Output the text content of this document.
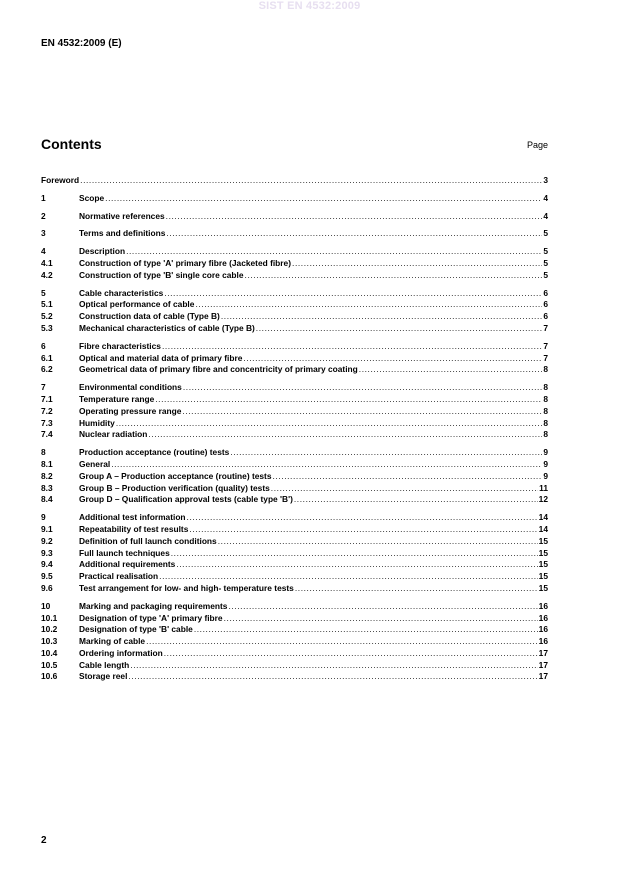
SIST EN 4532:2009
EN 4532:2009 (E)
Contents	Page
Foreword .....	3
1	Scope .....	4
2	Normative references .....	4
3	Terms and definitions .....	5
4	Description .....	5
4.1	Construction of type 'A' primary fibre (Jacketed fibre) .....	5
4.2	Construction of type 'B' single core cable .....	5
5	Cable characteristics .....	6
5.1	Optical performance of cable .....	6
5.2	Construction data of cable (Type B) .....	6
5.3	Mechanical characteristics of cable (Type B) .....	7
6	Fibre characteristics .....	7
6.1	Optical and material data of primary fibre .....	7
6.2	Geometrical data of primary fibre and concentricity of primary coating .....	8
7	Environmental conditions .....	8
7.1	Temperature range .....	8
7.2	Operating pressure range .....	8
7.3	Humidity .....	8
7.4	Nuclear radiation .....	8
8	Production acceptance (routine) tests .....	9
8.1	General .....	9
8.2	Group A – Production acceptance (routine) tests .....	9
8.3	Group B – Production verification (quality) tests .....	11
8.4	Group D – Qualification approval tests (cable type 'B') .....	12
9	Additional test information .....	14
9.1	Repeatability of test results .....	14
9.2	Definition of full launch conditions .....	15
9.3	Full launch techniques .....	15
9.4	Additional requirements .....	15
9.5	Practical realisation .....	15
9.6	Test arrangement for low- and high- temperature tests .....	15
10	Marking and packaging requirements .....	16
10.1	Designation of type 'A' primary fibre .....	16
10.2	Designation of type 'B' cable .....	16
10.3	Marking of cable .....	16
10.4	Ordering information .....	17
10.5	Cable length .....	17
10.6	Storage reel .....	17
2
